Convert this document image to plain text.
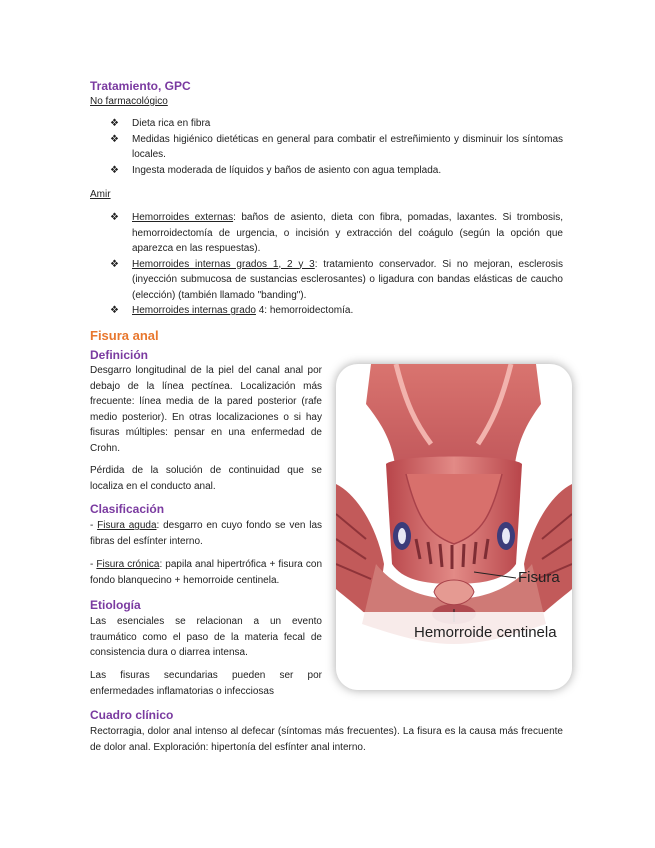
Tratamiento, GPC
No farmacológico
❖ Dieta rica en fibra
❖ Medidas higiénico dietéticas en general para combatir el estreñimiento y disminuir los síntomas locales.
❖ Ingesta moderada de líquidos y baños de asiento con agua templada.
Amir
❖ Hemorroides externas: baños de asiento, dieta con fibra, pomadas, laxantes. Si trombosis, hemorroidectomía de urgencia, o incisión y extracción del coágulo (según la opción que aparezca en las respuestas).
❖ Hemorroides internas grados 1, 2 y 3: tratamiento conservador. Si no mejoran, esclerosis (inyección submucosa de sustancias esclerosantes) o ligadura con bandas elásticas de caucho (elección) (también llamado "banding").
❖ Hemorroides internas grado 4: hemorroidectomía.
Fisura anal
Definición
Desgarro longitudinal de la piel del canal anal por debajo de la línea pectínea. Localización más frecuente: línea media de la pared posterior (rafe medio posterior). En otras localizaciones o si hay fisuras múltiples: pensar en una enfermedad de Crohn.
Pérdida de la solución de continuidad que se localiza en el conducto anal.
Clasificación
- Fisura aguda: desgarro en cuyo fondo se ven las fibras del esfínter interno.
- Fisura crónica: papila anal hipertrófica + fisura con fondo blanquecino + hemorroide centinela.
Etiología
Las esenciales se relacionan a un evento traumático como el paso de la materia fecal de consistencia dura o diarrea intensa.
Las fisuras secundarias pueden ser por enfermedades inflamatorias o infecciosas
Cuadro clínico
Rectorragia, dolor anal intenso al defecar (síntomas más frecuentes). La fisura es la causa más frecuente de dolor anal. Exploración: hipertonía del esfínter anal interno.
Fisura
Hemorroide centinela
